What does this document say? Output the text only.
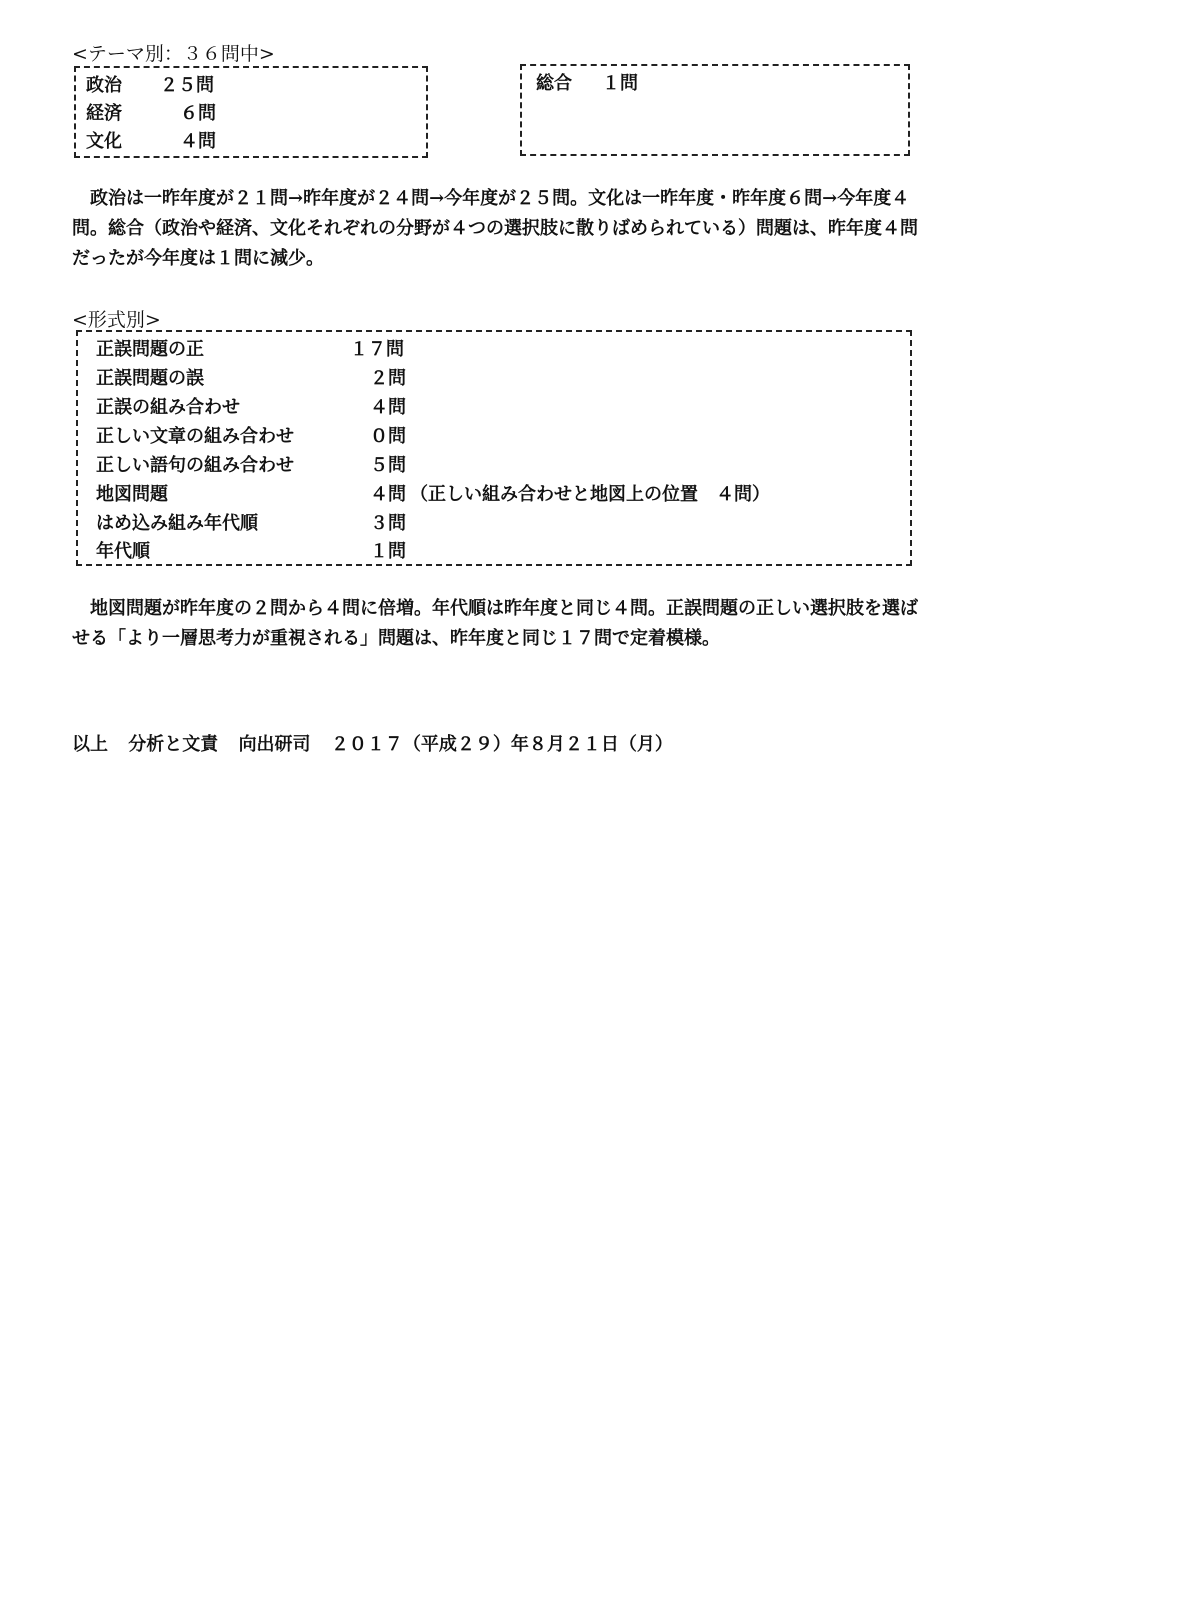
<テーマ別：３６問中>
政治 ２５問
経済	６問
文化	４問
総合 １問

政治は一昨年度が２１問→昨年度が２４問→今年度が２５問。文化は一昨年度・昨年度６問→今年度４問。総合（政治や経済、文化それぞれの分野が４つの選択肢に散りばめられている）問題は、昨年度４問だったが今年度は１問に減少。

<形式別>
正誤問題の正	１７問
正誤問題の誤	２問
正誤の組み合わせ	４問
正しい文章の組み合わせ	０問
正しい語句の組み合わせ	５問
地図問題	４問 （正しい組み合わせと地図上の位置　４問）
はめ込み組み年代順	３問
年代順	１問

地図問題が昨年度の２問から４問に倍増。年代順は昨年度と同じ４問。正誤問題の正しい選択肢を選ばせる「より一層思考力が重視される」問題は、昨年度と同じ１７問で定着模様。

以上 分析と文責 向出研司 ２０１７（平成２９）年８月２１日（月）
